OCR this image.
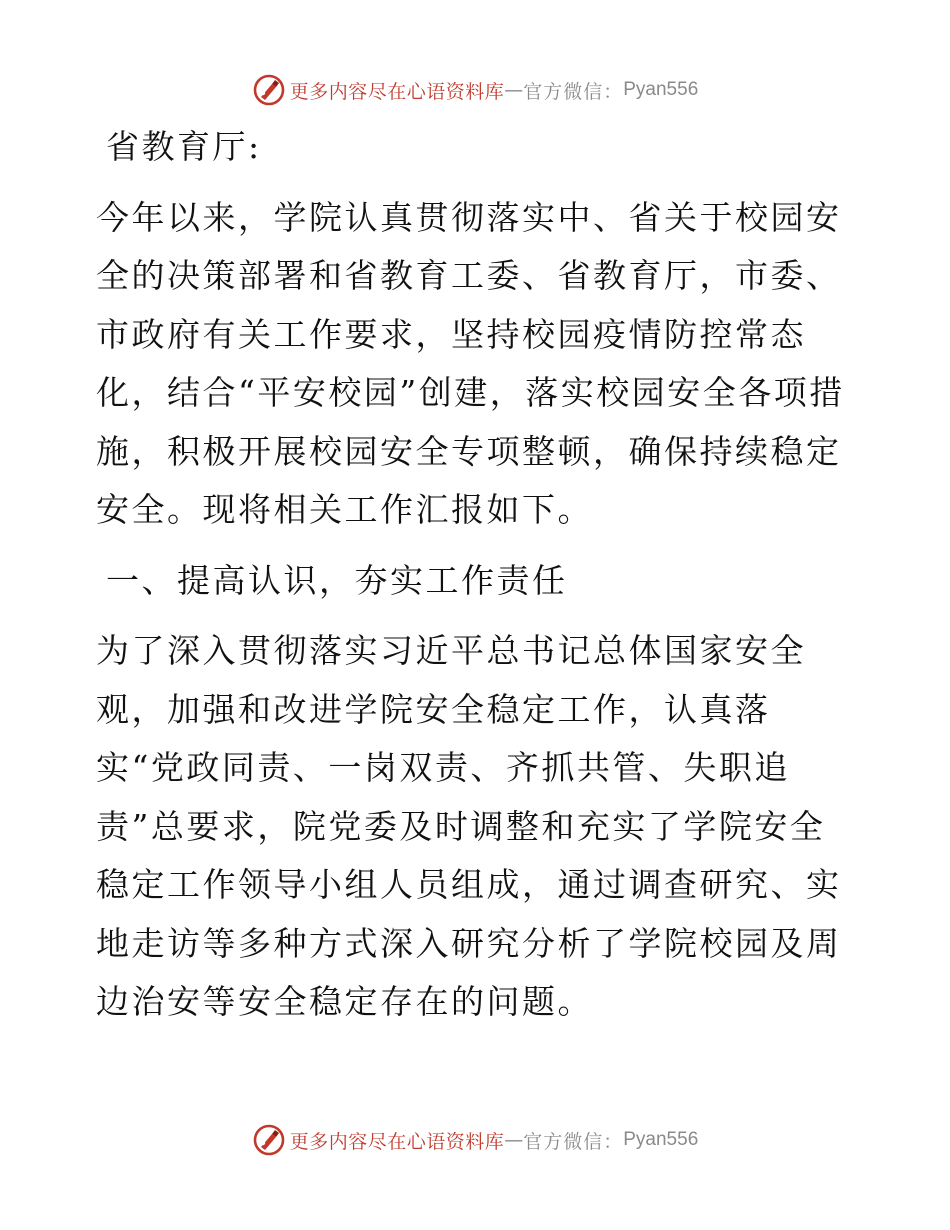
更多内容尽在心语资料库 — 官方微信： Pyan556
省教育厅:
今年以来，学院认真贯彻落实中、省关于校园安全的决策部署和省教育工委、省教育厅，市委、市政府有关工作要求，坚持校园疫情防控常态化，结合“平安校园”创建，落实校园安全各项措施，积极开展校园安全专项整顿，确保持续稳定安全。现将相关工作汇报如下。
一、提高认识，夯实工作责任
为了深入贯彻落实习近平总书记总体国家安全观，加强和改进学院安全稳定工作，认真落实“党政同责、一岗双责、齐抓共管、失职追责”总要求，院党委及时调整和充实了学院安全稳定工作领导小组人员组成，通过调查研究、实地走访等多种方式深入研究分析了学院校园及周边治安等安全稳定存在的问题。
更多内容尽在心语资料库 — 官方微信： Pyan556
